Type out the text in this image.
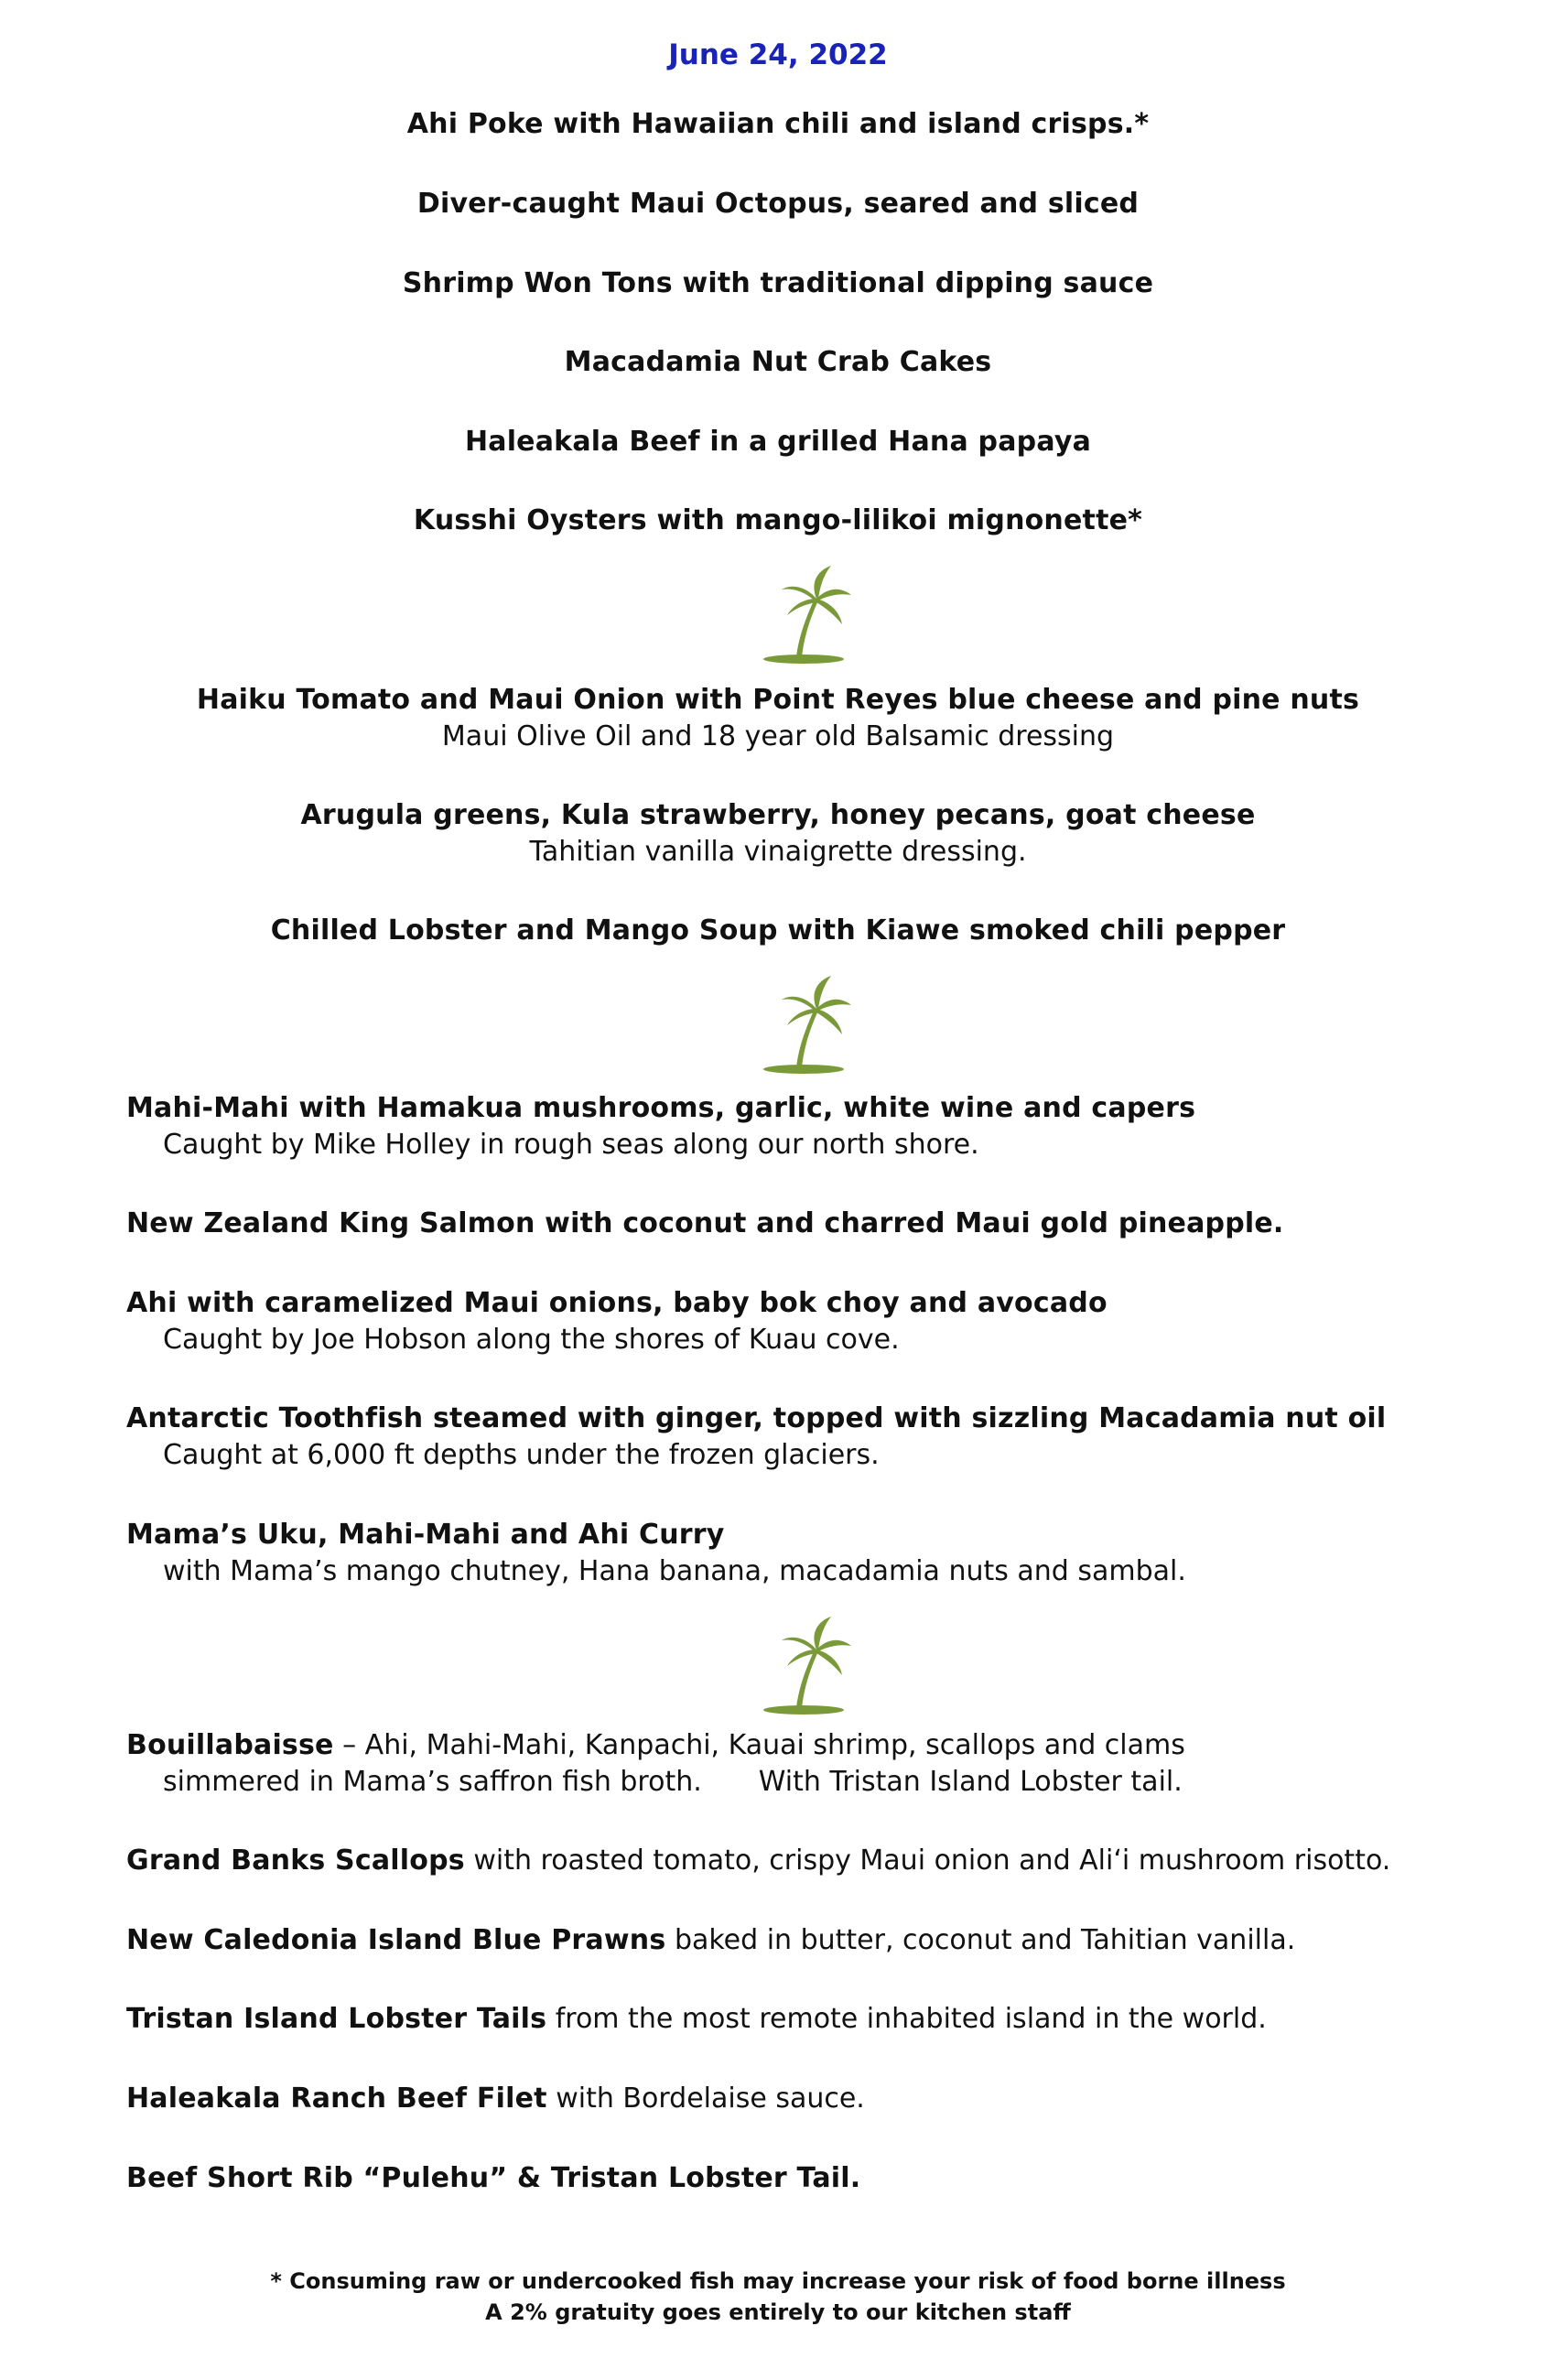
June 24, 2022
Ahi Poke with Hawaiian chili and island crisps.*
Diver-caught Maui Octopus, seared and sliced
Shrimp Won Tons with traditional dipping sauce
Macadamia Nut Crab Cakes
Haleakala Beef in a grilled Hana papaya
Kusshi Oysters with mango-lilikoi mignonette*
Haiku Tomato and Maui Onion with Point Reyes blue cheese and pine nuts
Maui Olive Oil and 18 year old Balsamic dressing
Arugula greens, Kula strawberry, honey pecans, goat cheese
Tahitian vanilla vinaigrette dressing.
Chilled Lobster and Mango Soup with Kiawe smoked chili pepper
Mahi-Mahi with Hamakua mushrooms, garlic, white wine and capers
Caught by Mike Holley in rough seas along our north shore.
New Zealand King Salmon with coconut and charred Maui gold pineapple.
Ahi with caramelized Maui onions, baby bok choy and avocado
Caught by Joe Hobson along the shores of Kuau cove.
Antarctic Toothfish steamed with ginger, topped with sizzling Macadamia nut oil
Caught at 6,000 ft depths under the frozen glaciers.
Mama’s Uku, Mahi-Mahi and Ahi Curry
with Mama’s mango chutney, Hana banana, macadamia nuts and sambal.
Bouillabaisse – Ahi, Mahi-Mahi, Kanpachi, Kauai shrimp, scallops and clams
simmered in Mama’s saffron fish broth. With Tristan Island Lobster tail.
Grand Banks Scallops with roasted tomato, crispy Maui onion and Ali‘i mushroom risotto.
New Caledonia Island Blue Prawns baked in butter, coconut and Tahitian vanilla.
Tristan Island Lobster Tails from the most remote inhabited island in the world.
Haleakala Ranch Beef Filet with Bordelaise sauce.
Beef Short Rib “Pulehu” & Tristan Lobster Tail.
* Consuming raw or undercooked fish may increase your risk of food borne illness
A 2% gratuity goes entirely to our kitchen staff
